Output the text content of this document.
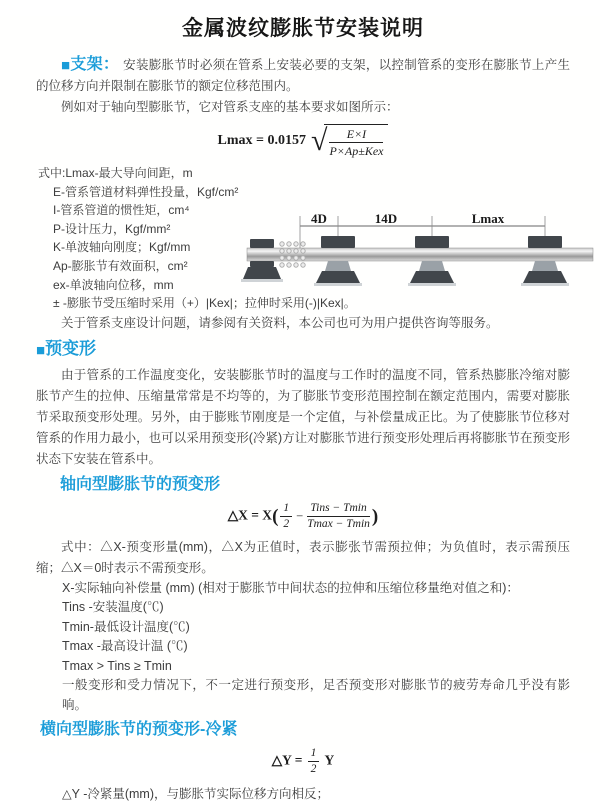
金属波纹膨胀节安装说明

■支架： 安装膨胀节时必须在管系上安装必要的支架，以控制管系的变形在膨胀节上产生的位移方向并限制在膨胀节的额定位移范围内。

例如对于轴向型膨胀节，它对管系支座的基本要求如图所示：

Lmax = 0.0157 √
$\frac{E\times I}{\text{P×Ap±Kex}}$
式中:Lmax-最大导向间距，m
E-管系管道材料弹性投量，Kgf/cm²
I-管系管道的惯性矩，cm⁴
P-设计压力，Kgf/mm²
K-单波轴向刚度；Kgf/mm
Ap-膨胀节有效面积，cm²
ex-单波轴向位移，mm
± -膨胀节受压缩时采用（+）|Kex|；拉伸时采用(-)|Kex|。

关于管系支座设计问题，请参阅有关资料，本公司也可为用户提供咨询等服务。

■预变形

由于管系的工作温度变化，安装膨胀节时的温度与工作时的温度不同，管系热膨胀冷缩对膨胀节产生的拉伸、压缩量常常是不均等的，为了膨胀节变形范围控制在额定范围内，需要对膨胀节采取预变形处理。另外，由于膨账节刚度是一个定值，与补偿量成正比。为了使膨胀节位移对管系的作用力最小，也可以采用预变形(冷紧)方让对膨胀节进行预变形处理后再将膨胀节在预变形状态下安装在管系中。

轴向型膨胀节的预变形
△X = $X( \frac{1}{2} - \frac{\text{Tins − Tmin}}{Tmax - Tmin}$ )

式中：△X-预变形量(mm)，△X为正值时，表示膨张节需预拉伸；为负值时，表示需预压缩；△X＝0时表示不需预变形。

X-实际轴向补偿量 (mm) (相对于膨胀节中间状态的拉伸和压缩位移量绝对值之和)：

Tins -安装温度(℃)

Tmin-最低设计温度(℃)

Tmax -最高设计温 (℃)

Tmax > Tins ≥ Tmin

一般变形和受力情况下，不一定进行预变形，足否预变形对膨胀节的疲劳寿命几乎没有影响。

横向型膨胀节的预变形-冷紧
△Y = $\frac{1}{2}$ Y

△Y -冷紧量(mm)，与膨胀节实际位移方向相反；

4D	14D	Lmax
